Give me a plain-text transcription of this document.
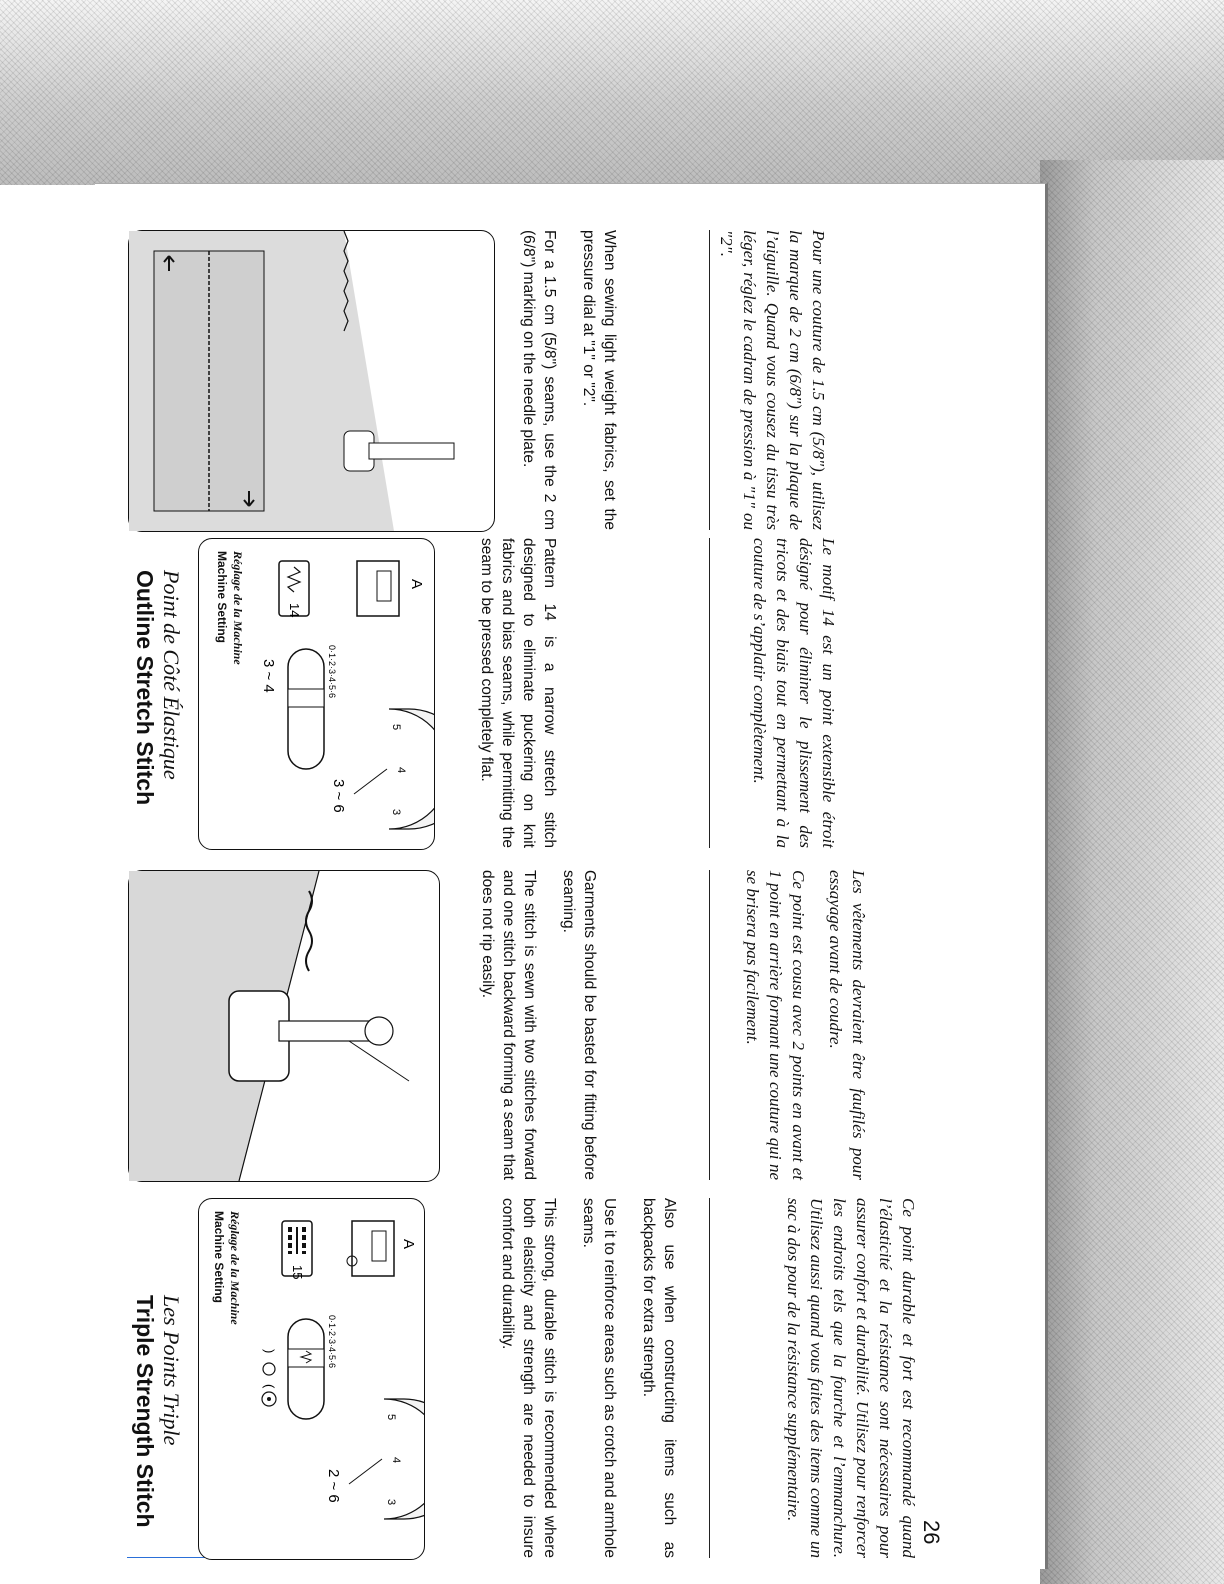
Triple Strength Stitch Les Points Triple
Machine Setting Réglage de la Machine	15
0·1·2·3·4·5·6
(
)
A
5
4
3
2 ~ 6	This strong, durable stitch is recommended where both elasticity and strength are needed to insure comfort and durability.	Use it to reinforce areas such as crotch and armhole seams.	Also use when constructing items such as backpacks for extra strength.	Ce point durable et fort est recommandé quand l’élasticité et la résistance sont nécessaires pour assurer confort et durabilité. Utilisez pour renforcer les endroits tels que la fourche et l’emmanchure. Utilisez aussi quand vous faites des items comme un sac à dos pour de la résistance supplémentaire.
26
The stitch is sewn with two stitches forward and one stitch backward forming a seam that does not rip easily.	Garments should be basted for fitting before seaming.	Ce point est cousu avec 2 points en avant et 1 point en arrière formant une couture qui ne se brisera pas facilement.	Les vêtements devraient être faufilés pour essayage avant de coudre.
Outline Stretch Stitch Point de Côté Élastique	Machine Setting Réglage de la Machine	14
0·1·2·3·4·5·6
3 ~ 4
A
5
4
3
3 ~ 6	Pattern 14 is a narrow stretch stitch designed to eliminate puckering on knit fabrics and bias seams, while permitting the seam to be pressed completely flat.	Le motif 14 est un point extensible étroit désigné pour éliminer le plissement des tricots et des biais tout en permettant à la couture de s’applatir complètement.
For a 1.5 cm (5/8") seams, use the 2 cm (6/8") marking on the needle plate.	When sewing light weight fabrics, set the pressure dial at "1" or "2".	Pour une couture de 1.5 cm (5/8"), utilisez la marque de 2 cm (6/8") sur la plaque de l’aiguille. Quand vous cousez du tissu très léger, réglez le cadran de pression à "1" ou "2".
